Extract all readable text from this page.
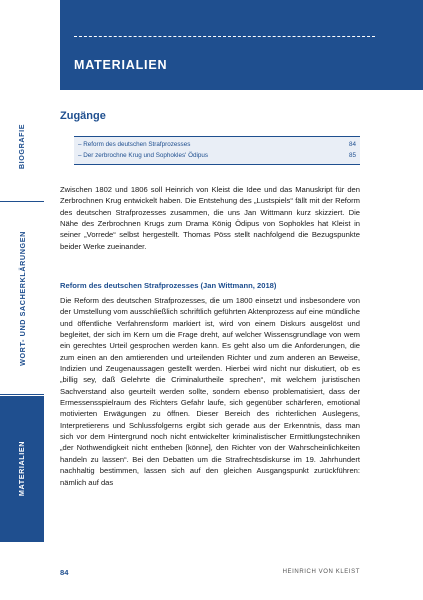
MATERIALIEN
BIOGRAFIE
WORT- UND SACHERKLÄRUNGEN
MATERIALIEN
Zugänge
– Reform des deutschen Strafprozesses	84
– Der zerbrochne Krug und Sophokles' Ödipus	85

Zwischen 1802 und 1806 soll Heinrich von Kleist die Idee und das Manuskript für den Zerbrochnen Krug entwickelt haben. Die Entstehung des „Lustspiels“ fällt mit der Reform des deutschen Strafprozesses zusammen, die uns Jan Wittmann kurz skizziert. Die Nähe des Zerbrochnen Krugs zum Drama König Ödipus von Sophokles hat Kleist in seiner „Vorrede“ selbst hergestellt. Thomas Pöss stellt nachfolgend die Bezugspunkte beider Werke zueinander.

Reform des deutschen Strafprozesses (Jan Wittmann, 2018)

Die Reform des deutschen Strafprozesses, die um 1800 einsetzt und insbesondere von der Umstellung vom ausschließlich schriftlich geführten Aktenprozess auf eine mündliche und öffentliche Verfahrensform markiert ist, wird von einem Diskurs ausgelöst und begleitet, der sich im Kern um die Frage dreht, auf welcher Wissensgrundlage von wem ein gerechtes Urteil gesprochen werden kann. Es geht also um die Anforderungen, die zum einen an den amtierenden und urteilenden Richter und zum anderen an Beweise, Indizien und Zeugenaussagen gestellt werden. Hierbei wird nicht nur diskutiert, ob es „billig sey, daß Gelehrte die Criminalurtheile sprechen“, mit welchem juristischen Sachverstand also geurteilt werden sollte, sondern ebenso problematisiert, dass der Ermessensspielraum des Richters Gefahr laufe, sich gegenüber schärferen, emotional motivierten Erwägungen zu öffnen. Dieser Bereich des richterlichen Auslegens, Interpretierens und Schlussfolgerns ergibt sich gerade aus der Erkenntnis, dass man sich vor dem Hintergrund noch nicht entwickelter kriminalistischer Ermittlungstechniken „der Nothwendigkeit nicht entheben [könne], den Richter von der Wahrscheinlichkeiten handeln zu lassen“. Bei den Debatten um die Strafrechtsdiskurse im 19. Jahrhundert nachhaltig bestimmen, lassen sich auf den gleichen Ausgangspunkt zurückführen: nämlich auf das

84	HEINRICH VON KLEIST
